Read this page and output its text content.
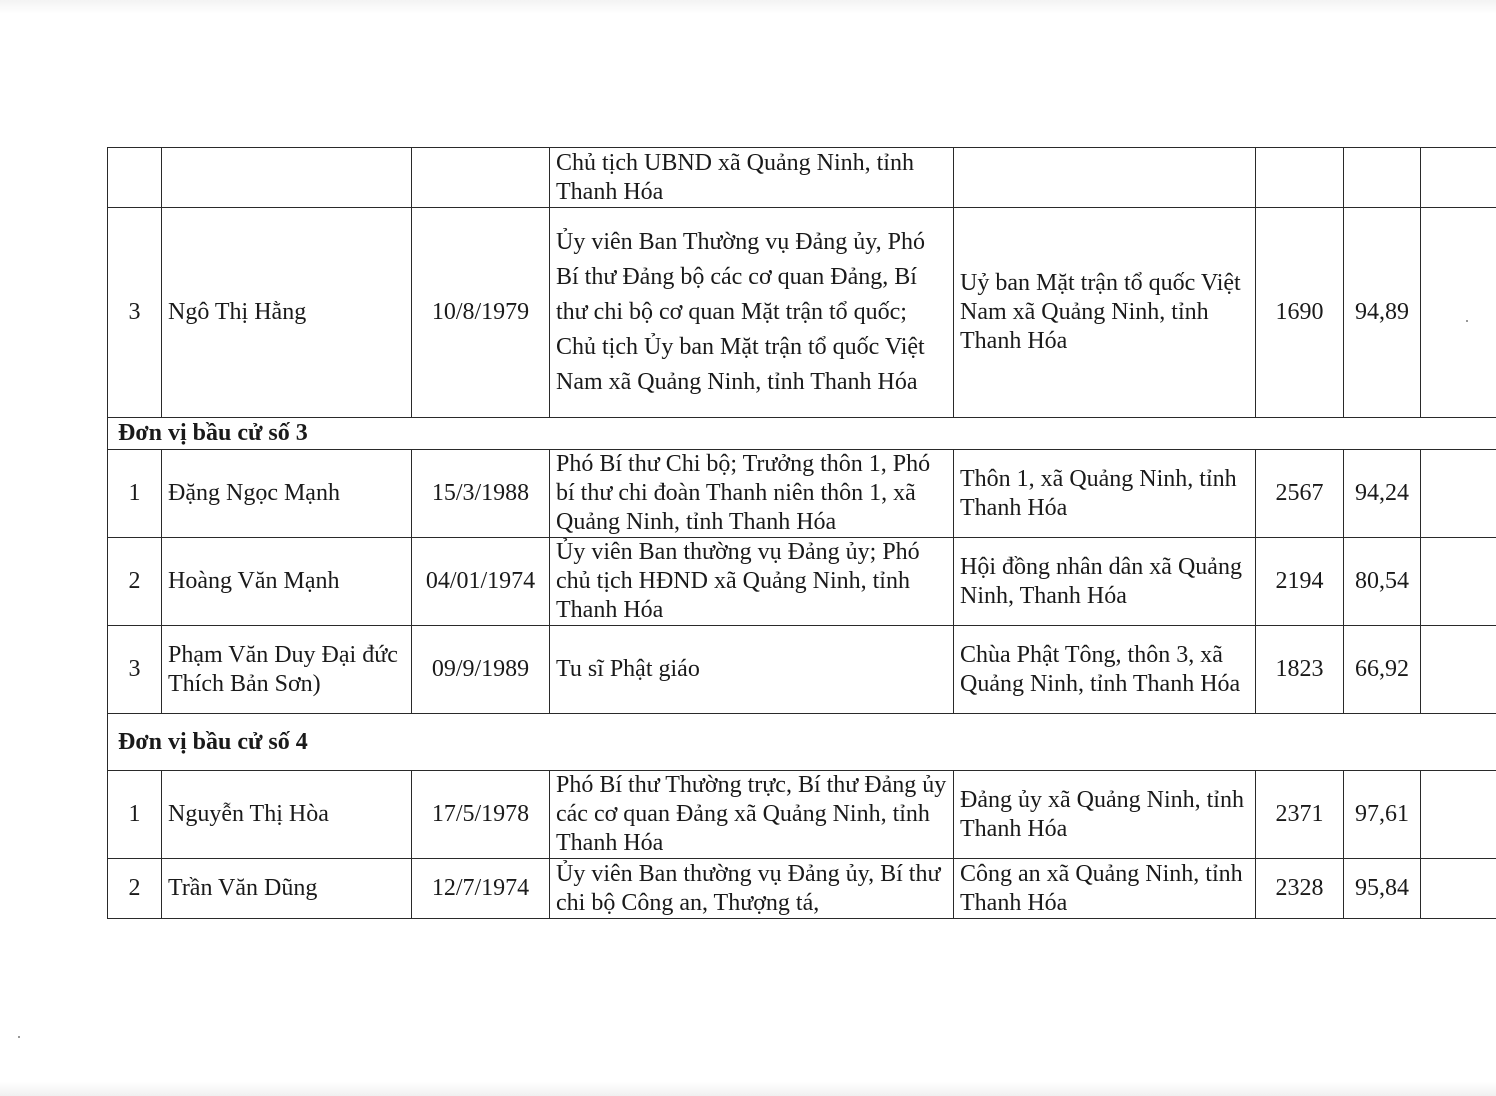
			Chủ tịch UBND xã Quảng Ninh, tỉnh Thanh Hóa				
3	Ngô Thị Hằng	10/8/1979	Ủy viên Ban Thường vụ Đảng ủy, Phó Bí thư Đảng bộ các cơ quan Đảng, Bí thư chi bộ cơ quan Mặt trận tổ quốc; Chủ tịch Ủy ban Mặt trận tổ quốc Việt Nam xã Quảng Ninh, tỉnh Thanh Hóa	Uỷ ban Mặt trận tổ quốc Việt Nam xã Quảng Ninh, tỉnh Thanh Hóa	1690	94,89	
Đơn vị bầu cử số 3							
1	Đặng Ngọc Mạnh	15/3/1988	Phó Bí thư Chi bộ; Trưởng thôn 1, Phó bí thư chi đoàn Thanh niên thôn 1, xã Quảng Ninh, tỉnh Thanh Hóa	Thôn 1, xã Quảng Ninh, tỉnh Thanh Hóa	2567	94,24	
2	Hoàng Văn Mạnh	04/01/1974	Ủy viên Ban thường vụ Đảng ủy; Phó chủ tịch HĐND xã Quảng Ninh, tỉnh Thanh Hóa	Hội đồng nhân dân xã Quảng Ninh, Thanh Hóa	2194	80,54	
3	Phạm Văn Duy Đại đức Thích Bản Sơn)	09/9/1989	Tu sĩ Phật giáo	Chùa Phật Tông, thôn 3, xã Quảng Ninh, tỉnh Thanh Hóa	1823	66,92	
Đơn vị bầu cử số 4							
1	Nguyễn Thị Hòa	17/5/1978	Phó Bí thư Thường trực, Bí thư Đảng ủy các cơ quan Đảng xã Quảng Ninh, tỉnh Thanh Hóa	Đảng ủy xã Quảng Ninh, tỉnh Thanh Hóa	2371	97,61	
2	Trần Văn Dũng	12/7/1974	Ủy viên Ban thường vụ Đảng ủy, Bí thư chi bộ Công an, Thượng tá,	Công an xã Quảng Ninh, tỉnh Thanh Hóa	2328	95,84	
